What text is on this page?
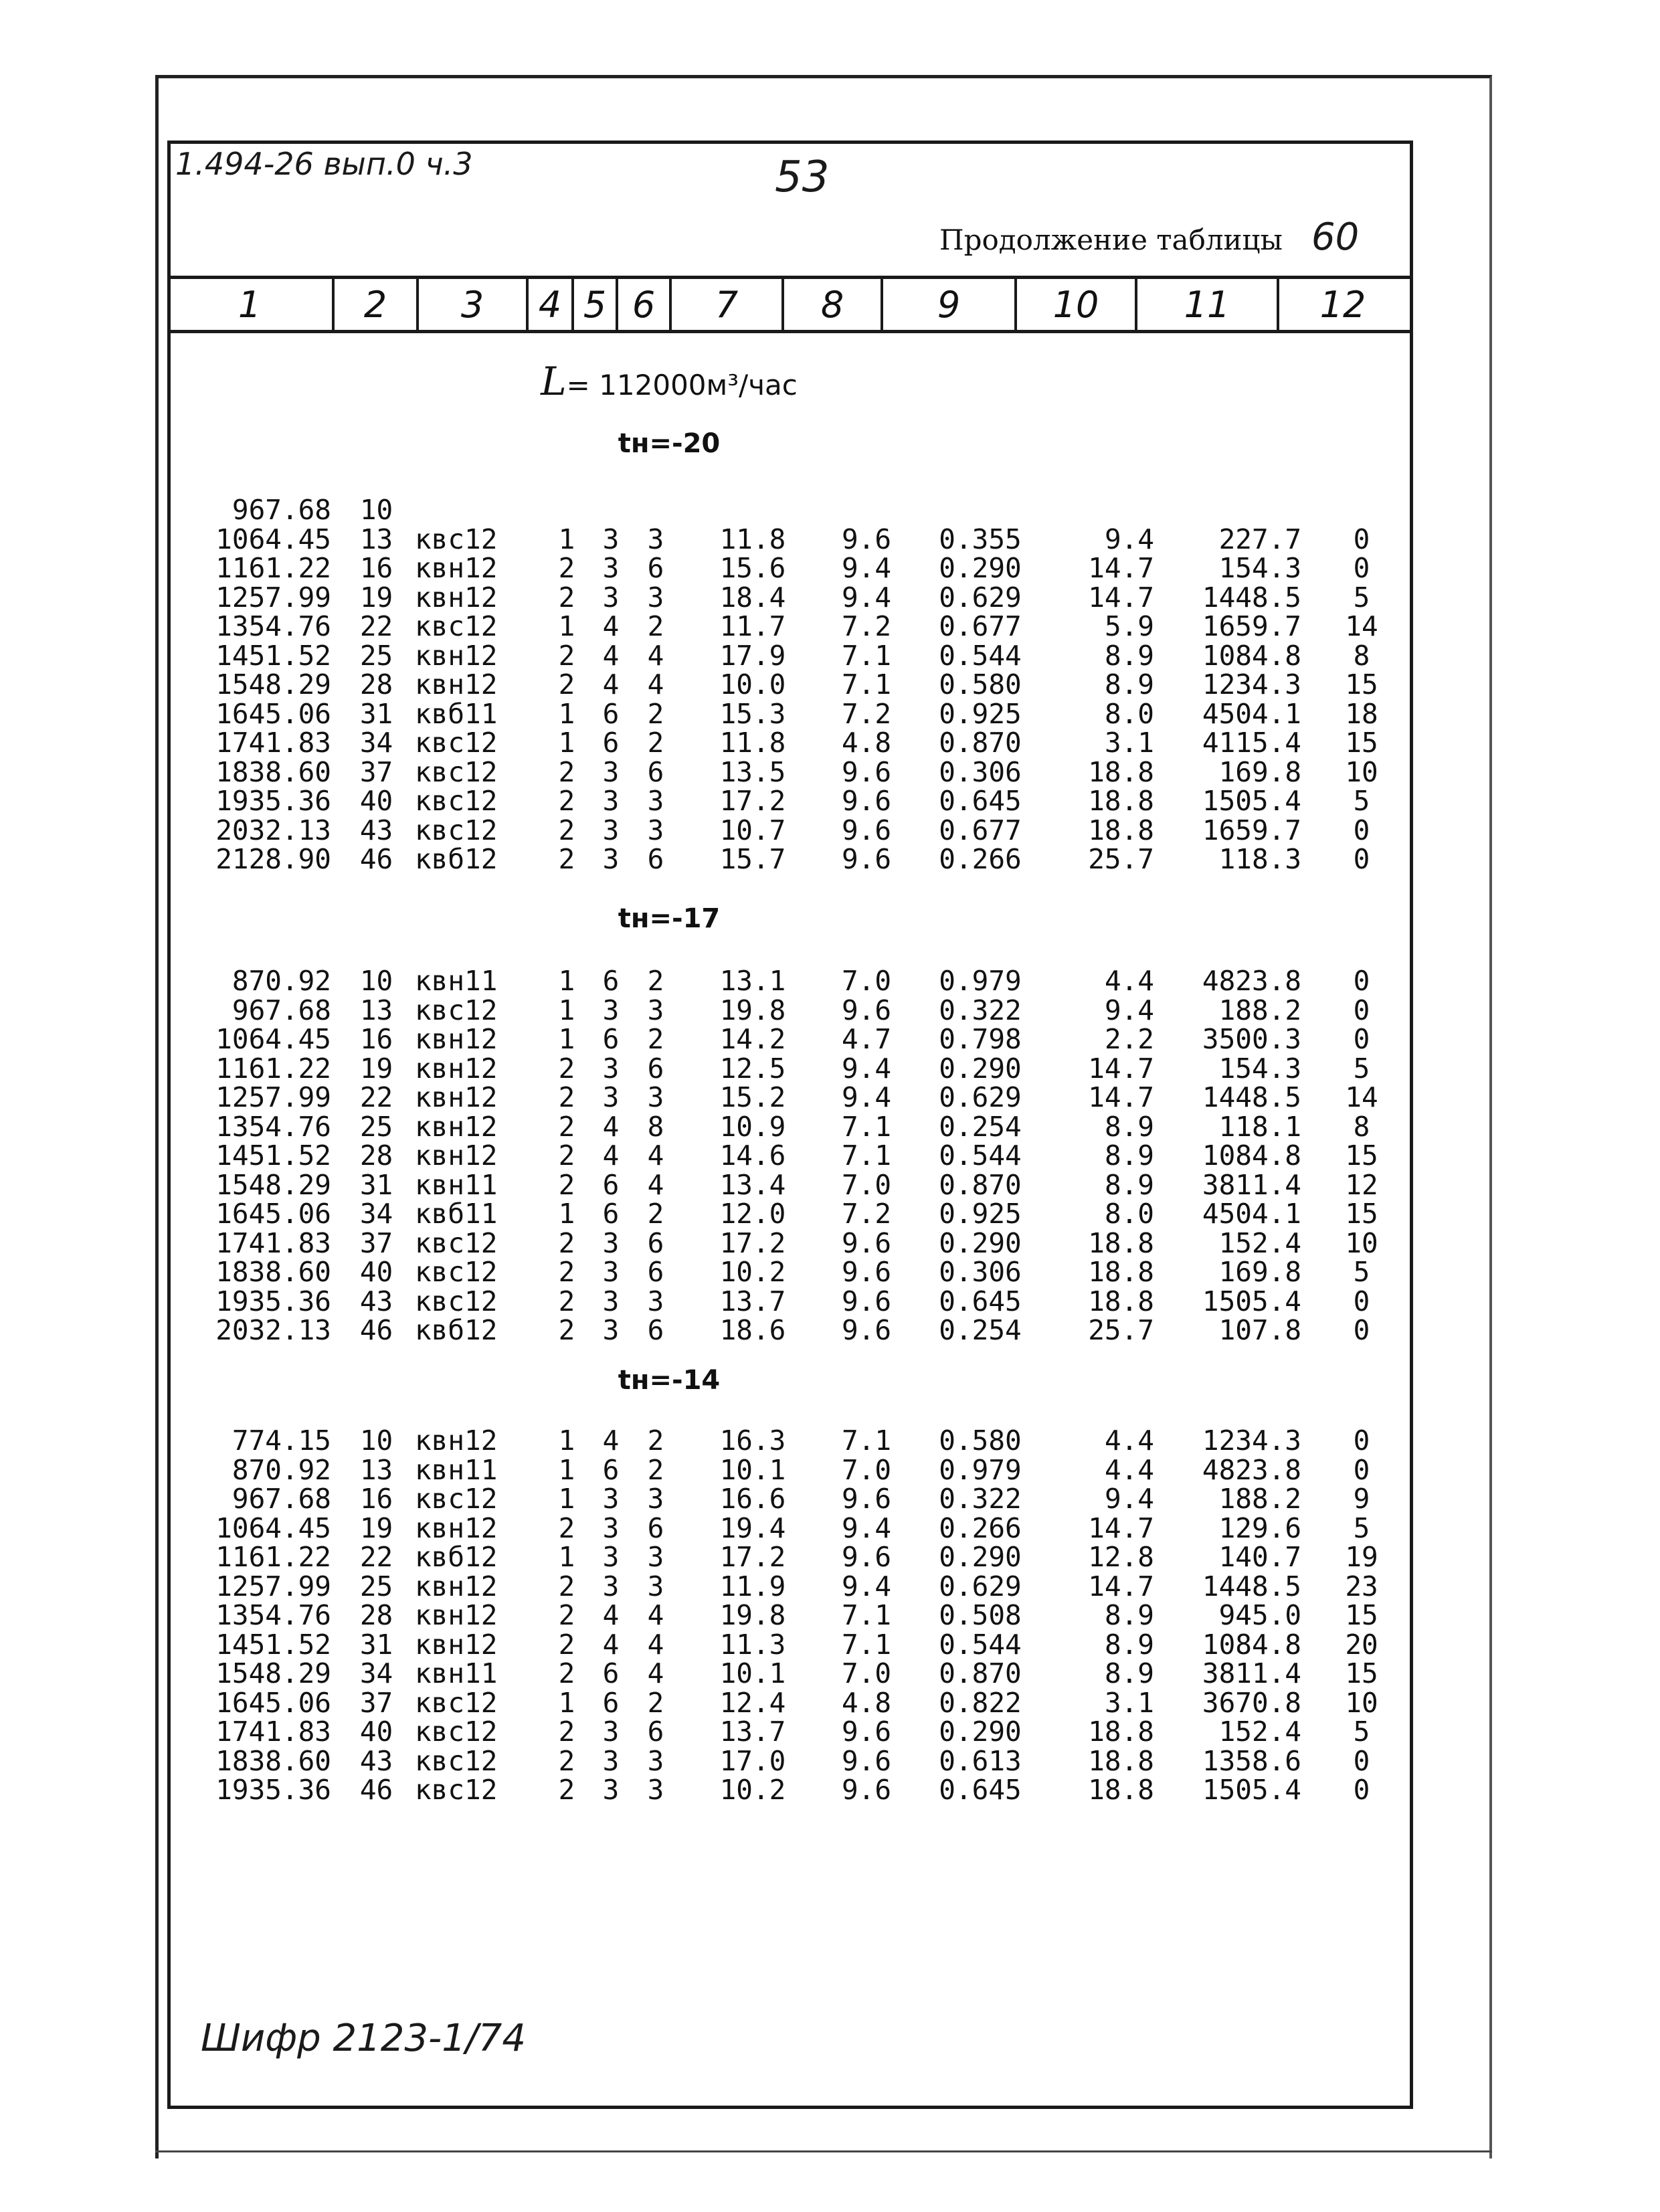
1.494-26 вып.0 ч.3	53
Продолжение таблицы 60
1	2	3	4 5 6	7	8	9	10	11	12
L= 112000м³/час
tн=-20
967.68	10
1064.45	13 квс12	1	3	3	11.8	9.6	0.355	9.4	227.7	0
1161.22	16 квн12	2	3	6	15.6	9.4	0.290	14.7	154.3	0
1257.99	19 квн12	2	3	3	18.4	9.4	0.629	14.7	1448.5	5
1354.76	22 квс12	1	4	2	11.7	7.2	0.677	5.9	1659.7	14
1451.52	25 квн12	2	4	4	17.9	7.1	0.544	8.9	1084.8	8
1548.29	28 квн12	2	4	4	10.0	7.1	0.580	8.9	1234.3	15
1645.06	31 квб11	1	6	2	15.3	7.2	0.925	8.0	4504.1	18
1741.83	34 квс12	1	6	2	11.8	4.8	0.870	3.1	4115.4	15
1838.60	37 квс12	2	3	6	13.5	9.6	0.306	18.8	169.8	10
1935.36	40 квс12	2	3	3	17.2	9.6	0.645	18.8	1505.4	5
2032.13	43 квс12	2	3	3	10.7	9.6	0.677	18.8	1659.7	0
2128.90	46 квб12	2	3	6	15.7	9.6	0.266	25.7	118.3	0
tн=-17
870.92	10 квн11	1	6	2	13.1	7.0	0.979	4.4	4823.8	0
967.68	13 квс12	1	3	3	19.8	9.6	0.322	9.4	188.2	0
1064.45	16 квн12	1	6	2	14.2	4.7	0.798	2.2	3500.3	0
1161.22	19 квн12	2	3	6	12.5	9.4	0.290	14.7	154.3	5
1257.99	22 квн12	2	3	3	15.2	9.4	0.629	14.7	1448.5	14
1354.76	25 квн12	2	4	8	10.9	7.1	0.254	8.9	118.1	8
1451.52	28 квн12	2	4	4	14.6	7.1	0.544	8.9	1084.8	15
1548.29	31 квн11	2	6	4	13.4	7.0	0.870	8.9	3811.4	12
1645.06	34 квб11	1	6	2	12.0	7.2	0.925	8.0	4504.1	15
1741.83	37 квс12	2	3	6	17.2	9.6	0.290	18.8	152.4	10
1838.60	40 квс12	2	3	6	10.2	9.6	0.306	18.8	169.8	5
1935.36	43 квс12	2	3	3	13.7	9.6	0.645	18.8	1505.4	0
2032.13	46 квб12	2	3	6	18.6	9.6	0.254	25.7	107.8	0
tн=-14
774.15	10 квн12	1	4	2	16.3	7.1	0.580	4.4	1234.3	0
870.92	13 квн11	1	6	2	10.1	7.0	0.979	4.4	4823.8	0
967.68	16 квс12	1	3	3	16.6	9.6	0.322	9.4	188.2	9
1064.45	19 квн12	2	3	6	19.4	9.4	0.266	14.7	129.6	5
1161.22	22 квб12	1	3	3	17.2	9.6	0.290	12.8	140.7	19
1257.99	25 квн12	2	3	3	11.9	9.4	0.629	14.7	1448.5	23
1354.76	28 квн12	2	4	4	19.8	7.1	0.508	8.9	945.0	15
1451.52	31 квн12	2	4	4	11.3	7.1	0.544	8.9	1084.8	20
1548.29	34 квн11	2	6	4	10.1	7.0	0.870	8.9	3811.4	15
1645.06	37 квс12	1	6	2	12.4	4.8	0.822	3.1	3670.8	10
1741.83	40 квс12	2	3	6	13.7	9.6	0.290	18.8	152.4	5
1838.60	43 квс12	2	3	3	17.0	9.6	0.613	18.8	1358.6	0
1935.36	46 квс12	2	3	3	10.2	9.6	0.645	18.8	1505.4	0
Шифр 2123-1/74
